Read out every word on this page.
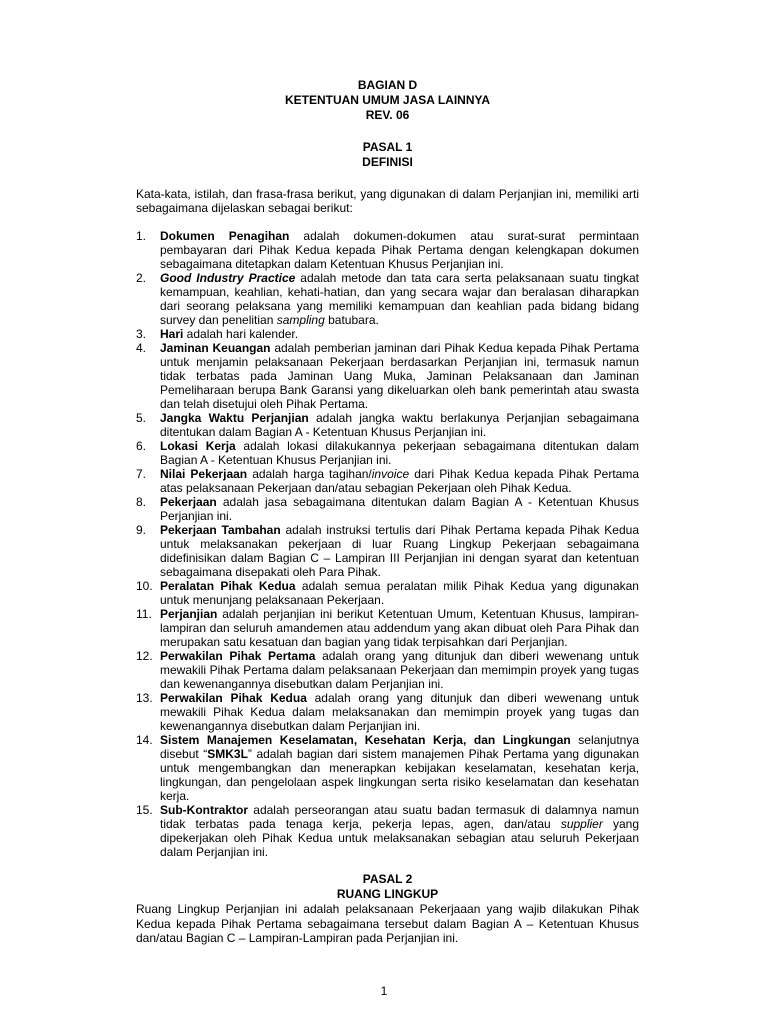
BAGIAN D
KETENTUAN UMUM JASA LAINNYA
REV. 06
PASAL 1
DEFINISI

Kata-kata, istilah, dan frasa-frasa berikut, yang digunakan di dalam Perjanjian ini, memiliki arti sebagaimana dijelaskan sebagai berikut:

1. Dokumen Penagihan adalah dokumen-dokumen atau surat-surat permintaan pembayaran dari Pihak Kedua kepada Pihak Pertama dengan kelengkapan dokumen sebagaimana ditetapkan dalam Ketentuan Khusus Perjanjian ini.
2. Good Industry Practice adalah metode dan tata cara serta pelaksanaan suatu tingkat kemampuan, keahlian, kehati-hatian, dan yang secara wajar dan beralasan diharapkan dari seorang pelaksana yang memiliki kemampuan dan keahlian pada bidang bidang survey dan penelitian sampling batubara.
3. Hari adalah hari kalender.
4. Jaminan Keuangan adalah pemberian jaminan dari Pihak Kedua kepada Pihak Pertama untuk menjamin pelaksanaan Pekerjaan berdasarkan Perjanjian ini, termasuk namun tidak terbatas pada Jaminan Uang Muka, Jaminan Pelaksanaan dan Jaminan Pemeliharaan berupa Bank Garansi yang dikeluarkan oleh bank pemerintah atau swasta dan telah disetujui oleh Pihak Pertama.
5. Jangka Waktu Perjanjian adalah jangka waktu berlakunya Perjanjian sebagaimana ditentukan dalam Bagian A - Ketentuan Khusus Perjanjian ini.
6. Lokasi Kerja adalah lokasi dilakukannya pekerjaan sebagaimana ditentukan dalam Bagian A - Ketentuan Khusus Perjanjian ini.
7. Nilai Pekerjaan adalah harga tagihan/invoice dari Pihak Kedua kepada Pihak Pertama atas pelaksanaan Pekerjaan dan/atau sebagian Pekerjaan oleh Pihak Kedua.
8. Pekerjaan adalah jasa sebagaimana ditentukan dalam Bagian A - Ketentuan Khusus Perjanjian ini.
9. Pekerjaan Tambahan adalah instruksi tertulis dari Pihak Pertama kepada Pihak Kedua untuk melaksanakan pekerjaan di luar Ruang Lingkup Pekerjaan sebagaimana didefinisikan dalam Bagian C – Lampiran III Perjanjian ini dengan syarat dan ketentuan sebagaimana disepakati oleh Para Pihak.
10. Peralatan Pihak Kedua adalah semua peralatan milik Pihak Kedua yang digunakan untuk menunjang pelaksanaan Pekerjaan.
11. Perjanjian adalah perjanjian ini berikut Ketentuan Umum, Ketentuan Khusus, lampiran-lampiran dan seluruh amandemen atau addendum yang akan dibuat oleh Para Pihak dan merupakan satu kesatuan dan bagian yang tidak terpisahkan dari Perjanjian.
12. Perwakilan Pihak Pertama adalah orang yang ditunjuk dan diberi wewenang untuk mewakili Pihak Pertama dalam pelaksanaan Pekerjaan dan memimpin proyek yang tugas dan kewenangannya disebutkan dalam Perjanjian ini.
13. Perwakilan Pihak Kedua adalah orang yang ditunjuk dan diberi wewenang untuk mewakili Pihak Kedua dalam melaksanakan dan memimpin proyek yang tugas dan kewenangannya disebutkan dalam Perjanjian ini.
14. Sistem Manajemen Keselamatan, Kesehatan Kerja, dan Lingkungan selanjutnya disebut “SMK3L” adalah bagian dari sistem manajemen Pihak Pertama yang digunakan untuk mengembangkan dan menerapkan kebijakan keselamatan, kesehatan kerja, lingkungan, dan pengelolaan aspek lingkungan serta risiko keselamatan dan kesehatan kerja.
15. Sub-Kontraktor adalah perseorangan atau suatu badan termasuk di dalamnya namun tidak terbatas pada tenaga kerja, pekerja lepas, agen, dan/atau supplier yang dipekerjakan oleh Pihak Kedua untuk melaksanakan sebagian atau seluruh Pekerjaan dalam Perjanjian ini.
PASAL 2
RUANG LINGKUP

Ruang Lingkup Perjanjian ini adalah pelaksanaan Pekerjaaan yang wajib dilakukan Pihak Kedua kepada Pihak Pertama sebagaimana tersebut dalam Bagian A – Ketentuan Khusus dan/atau Bagian C – Lampiran-Lampiran pada Perjanjian ini.

1
